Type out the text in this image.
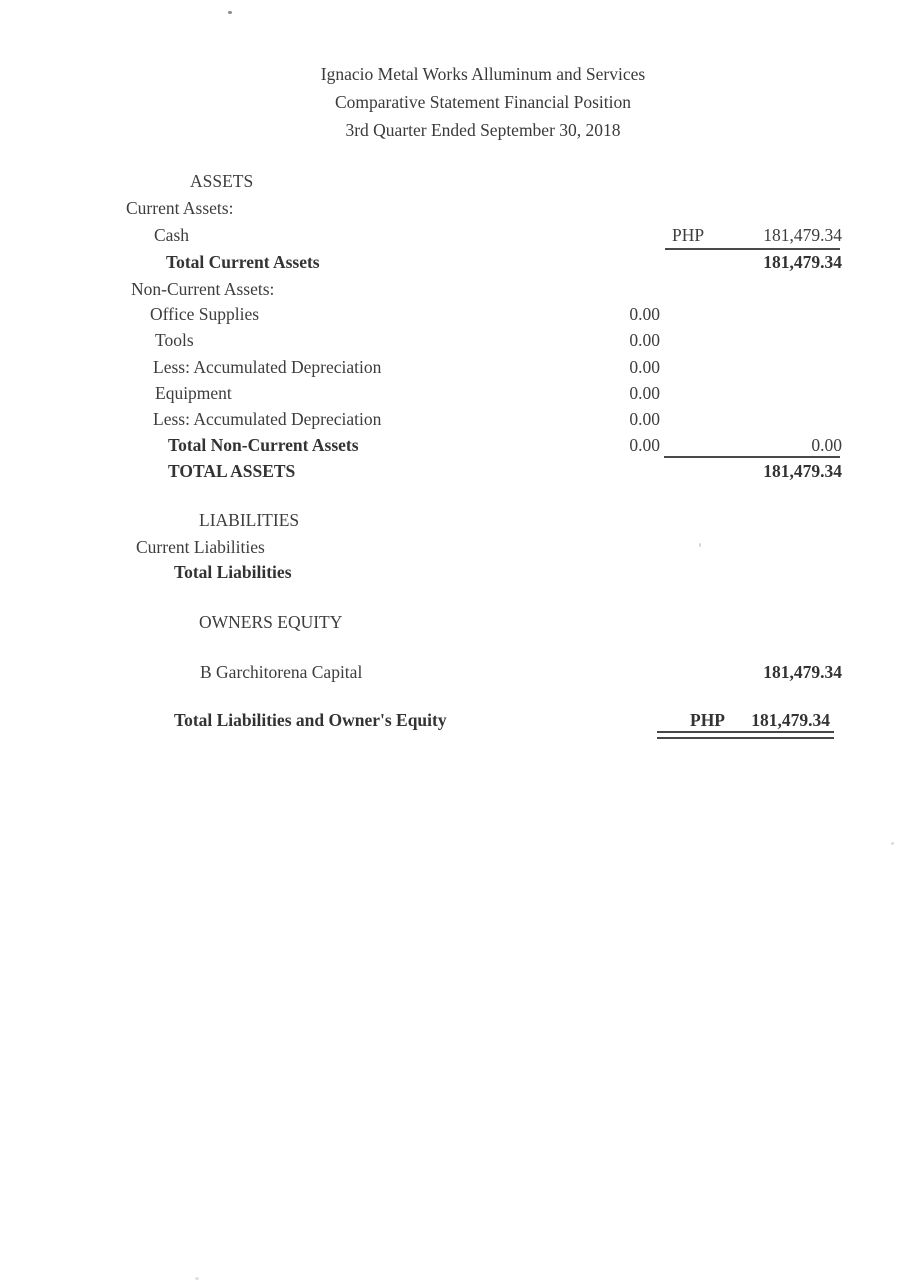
Ignacio Metal Works Alluminum and Services
Comparative Statement Financial Position
3rd Quarter Ended September 30, 2018
ASSETS
Current Assets:
Cash	PHP	181,479.34
Total Current Assets	181,479.34
Non-Current Assets:
Office Supplies	0.00
Tools	0.00
Less: Accumulated Depreciation	0.00
Equipment	0.00
Less: Accumulated Depreciation	0.00
Total Non-Current Assets	0.00	0.00
TOTAL ASSETS	181,479.34
LIABILITIES
Current Liabilities
Total Liabilities
OWNERS EQUITY
B Garchitorena Capital	181,479.34
Total Liabilities and Owner's Equity	PHP 181,479.34
